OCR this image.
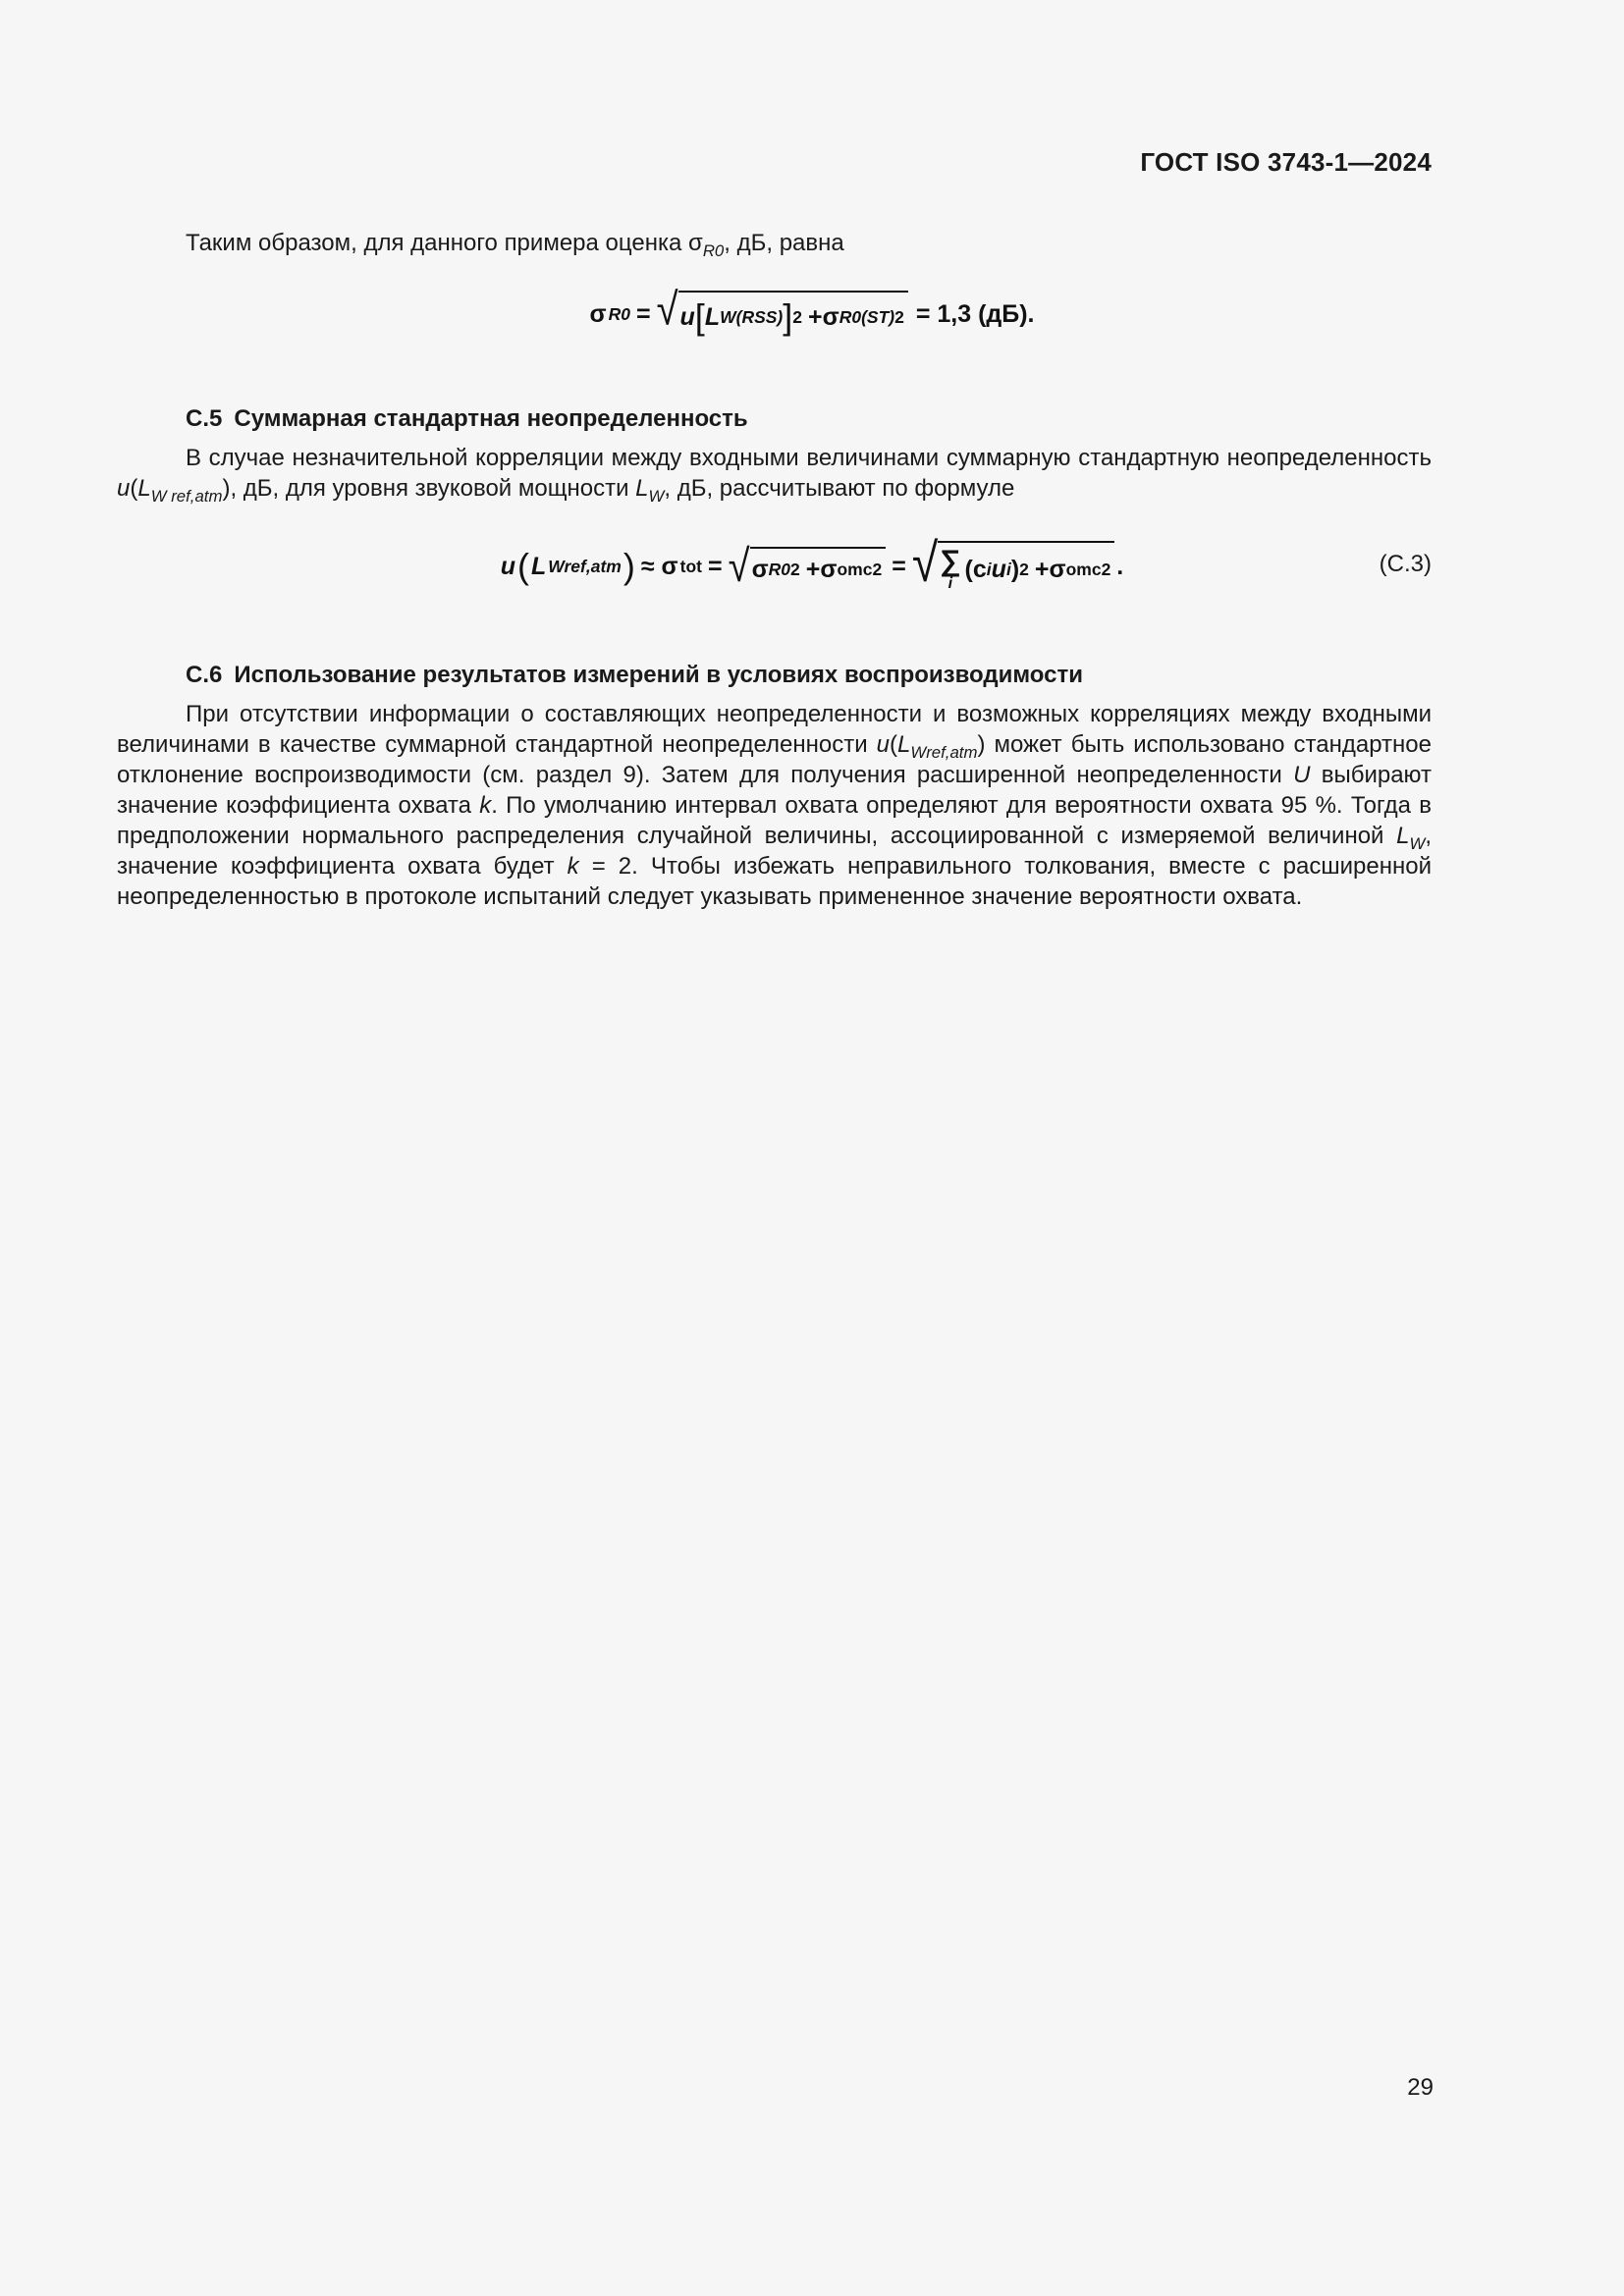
ГОСТ ISO 3743-1—2024
Таким образом, для данного примера оценка $\sigma_{R0}$, дБ, равна
σ R0 = √ u [ L W(RSS) ] 2 +σ R0(ST) 2 = 1,3 (дБ).
C.5 Суммарная стандартная неопределенность

В случае незначительной корреляции между входными величинами суммарную стандартную неопределенность $u(L_{W ref,atm})$, дБ, для уровня звуковой мощности $L_W$, дБ, рассчитывают по формуле

u ( L Wref,atm ) ≈ σ tot = √ σ R0 2 +σ omc 2 = √ ∑
i
(c i u i ) 2 +σ omc 2 .	(C.3)
C.6 Использование результатов измерений в условиях воспроизводимости

При отсутствии информации о составляющих неопределенности и возможных корреляциях между входными величинами в качестве суммарной стандартной неопределенности $u(L_{Wref,atm})$ может быть использовано стандартное отклонение воспроизводимости (см. раздел 9). Затем для получения расширенной неопределенности U выбирают значение коэффициента охвата k. По умолчанию интервал охвата определяют для вероятности охвата 95 %. Тогда в предположении нормального распределения случайной величины, ассоциированной с измеряемой величиной $L_W$, значение коэффициента охвата будет k = 2. Чтобы избежать неправильного толкования, вместе с расширенной неопределенностью в протоколе испытаний следует указывать примененное значение вероятности охвата.

29
